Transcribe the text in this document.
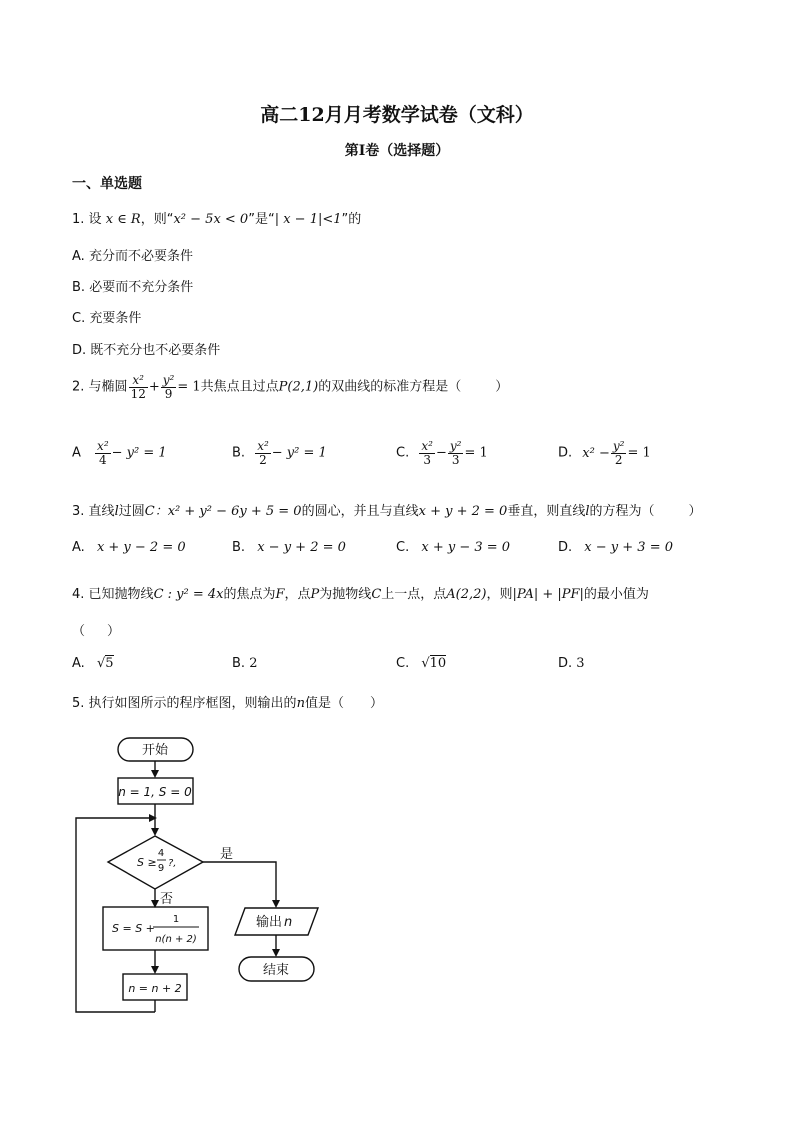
高二12月月考数学试卷（文科）
第I卷（选择题）
一、单选题
1. 设 x ∈ R，则“x² − 5x < 0”是“| x − 1|<1”的
A. 充分而不必要条件
B. 必要而不充分条件
C. 充要条件
D. 既不充分也不必要条件
2. 与椭圆 $\frac{\text{x²}}{12} + \frac{\text{y²}}{9} = 1$共焦点且过点P(2,1)的双曲线的标准方程是（	）
A $\frac{\text{x²}}{4} - y^2 = 1$	B. $\frac{\text{x²}}{2} - y^2 = 1$	C. $\frac{\text{x²}}{3} - \frac{\text{y²}}{3} = 1$	D. $x^2 - \frac{\text{y²}}{2} = 1$
3. 直线l过圆C：x² + y² − 6y + 5 = 0的圆心，并且与直线x + y + 2 = 0垂直，则直线l的方程为（	）
A. x + y − 2 = 0	B. x − y + 2 = 0	C. x + y − 3 = 0	D. x − y + 3 = 0
4. 已知抛物线C : y² = 4x的焦点为F，点P为抛物线C上一点，点A(2,2)，则|PA| + |PF|的最小值为
（ ）
A. √5	B. 2	C. √10	D. 3
5. 执行如图所示的程序框图，则输出的n值是（ ）
开始
n = 1, S = 0
S ≥
4
9 ?,
是
否
S = S +
1
n(n + 2)
n = n + 2
输出 n
结束
